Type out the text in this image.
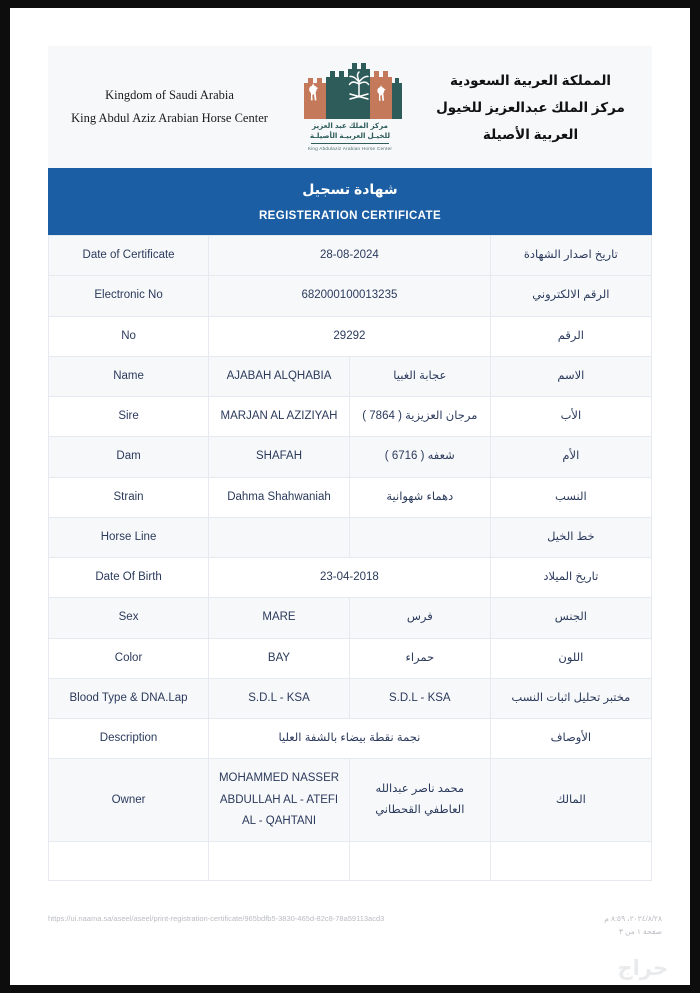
Kingdom of Saudi Arabia
King Abdul Aziz Arabian Horse Center
مركز الملك عبد العزيز
للخيـل العربيـة الأصيلـة
King Abdulaziz Arabian Horse Center
المملكة العربية السعودية
مركز الملك عبدالعزيز للخيول العربية الأصيلة
شهادة تسجيل
REGISTERATION CERTIFICATE
Date of Certificate	28-08-2024		تاريخ اصدار الشهادة
Electronic No	682000100013235		الرقم الالكتروني
No	29292		الرقم
Name	AJABAH ALQHABIA	عجابة الغبيا	الاسم
Sire	MARJAN AL AZIZIYAH	مرجان العزيزية ( 7864 )	الأب
Dam	SHAFAH	شعفه ( 6716 )	الأم
Strain	Dahma Shahwaniah	دهماء شهوانية	النسب
Horse Line			خط الخيل
Date Of Birth	23-04-2018		تاريخ الميلاد
Sex	MARE	فرس	الجنس
Color	BAY	حمراء	اللون
Blood Type & DNA.Lap	S.D.L - KSA	S.D.L - KSA	مختبر تحليل اثبات النسب
Description	نجمة نقطة بيضاء بالشفة العليا		الأوصاف
Owner	MOHAMMED NASSER ABDULLAH AL - ATEFI AL - QAHTANI	محمد ناصر عبدالله العاطفي القحطاني	المالك

https://ui.naama.sa/aseel/aseel/print-registration-certificate/965bdfb5-3830-465d-82c8-78a59113acd3	٢٠٢٤/٨/٢٨، ٨:٥٩ م
صفحة ١ من ٣
حراج
